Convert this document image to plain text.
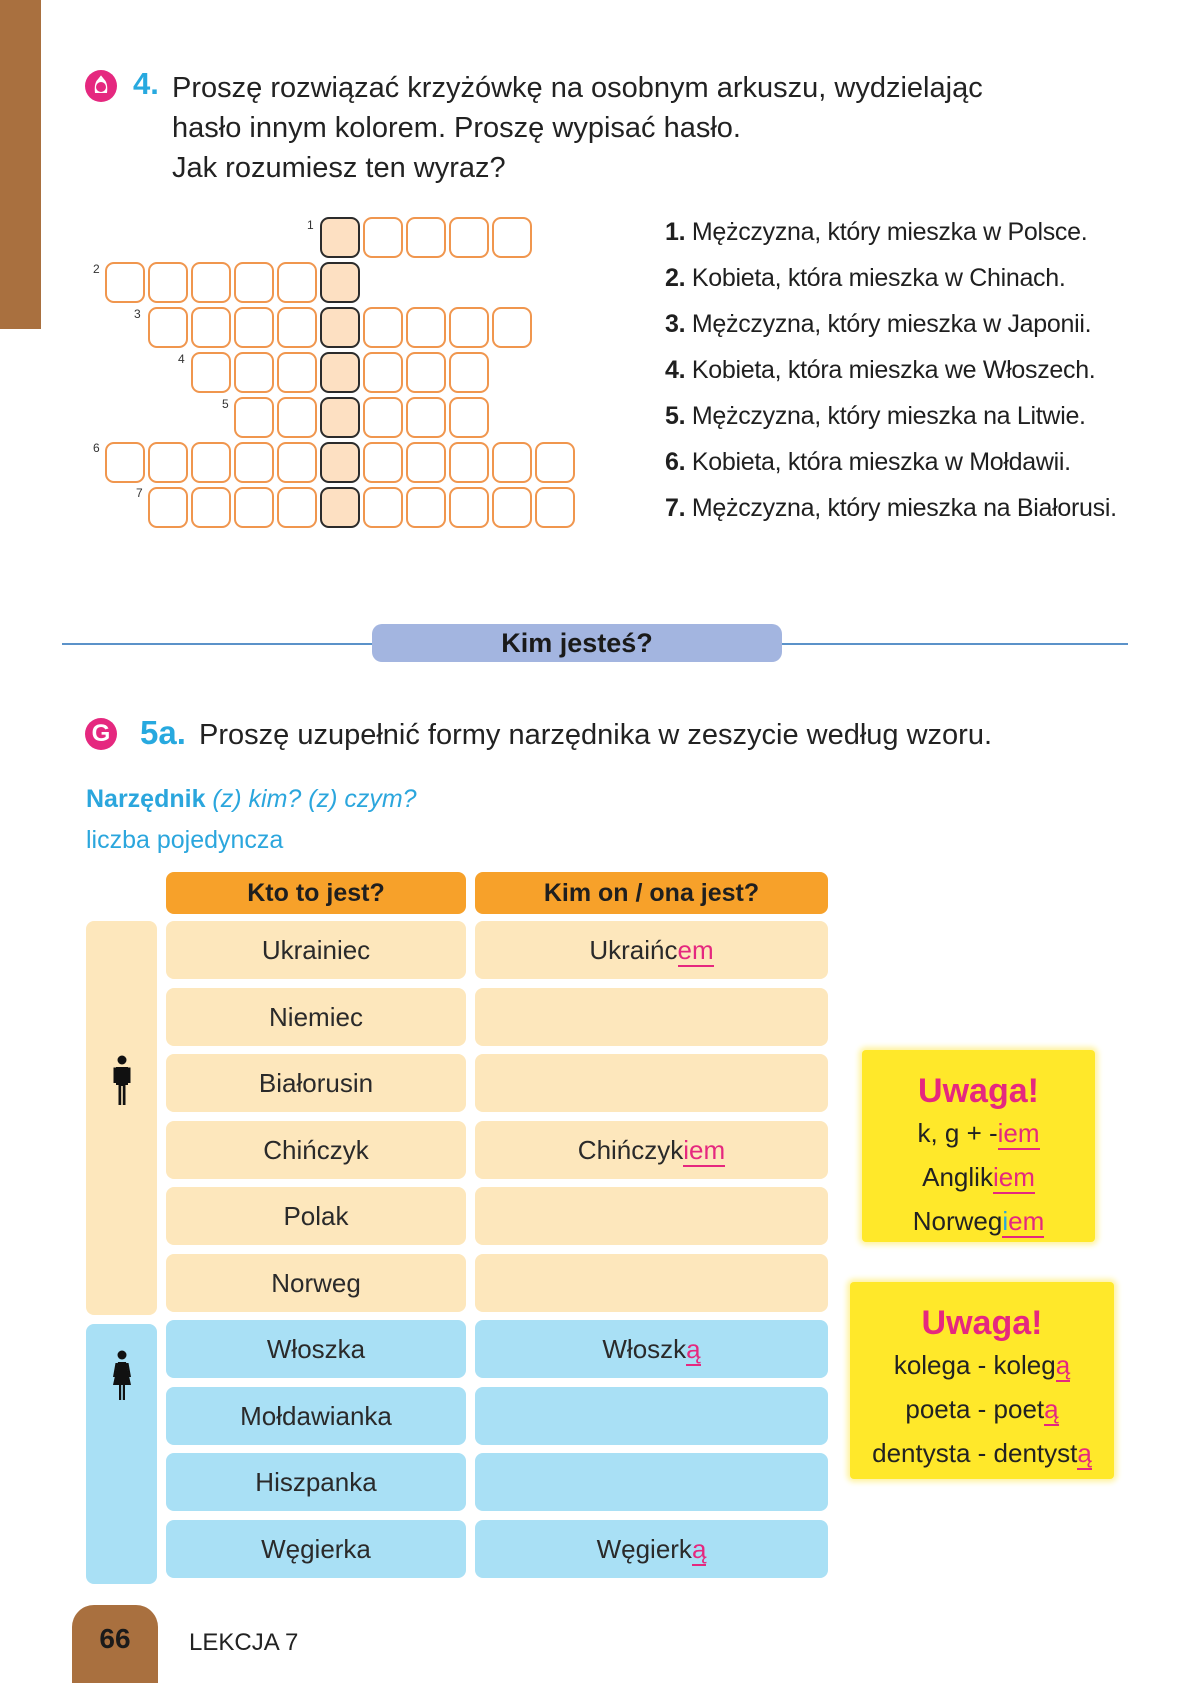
4. Proszę rozwiązać krzyżówkę na osobnym arkuszu, wydzielając
hasło innym kolorem. Proszę wypisać hasło.
Jak rozumiesz ten wyraz?
1
2
3
4
5
6
7
1. Mężczyzna, który mieszka w Polsce.
2. Kobieta, która mieszka w Chinach.
3. Mężczyzna, który mieszka w Japonii.
4. Kobieta, która mieszka we Włoszech.
5. Mężczyzna, który mieszka na Litwie.
6. Kobieta, która mieszka w Mołdawii.
7. Mężczyzna, który mieszka na Białorusi.
Kim jesteś?
G 5a. Proszę uzupełnić formy narzędnika w zeszycie według wzoru.
Narzędnik (z) kim? (z) czym?
liczba pojedyncza
Kto to jest?	Kim on / ona jest?
Ukrainiec	Ukraińcem
Niemiec
Białorusin
Chińczyk	Chińczykiem
Polak
Norweg
Włoszka	Włoszką
Mołdawianka
Hiszpanka
Węgierka	Węgierką
Uwaga!
k, g + -iem
Anglikiem
Norwegiem
Uwaga!
kolega - kolegą
poeta - poetą
dentysta - dentystą
66	LEKCJA 7
